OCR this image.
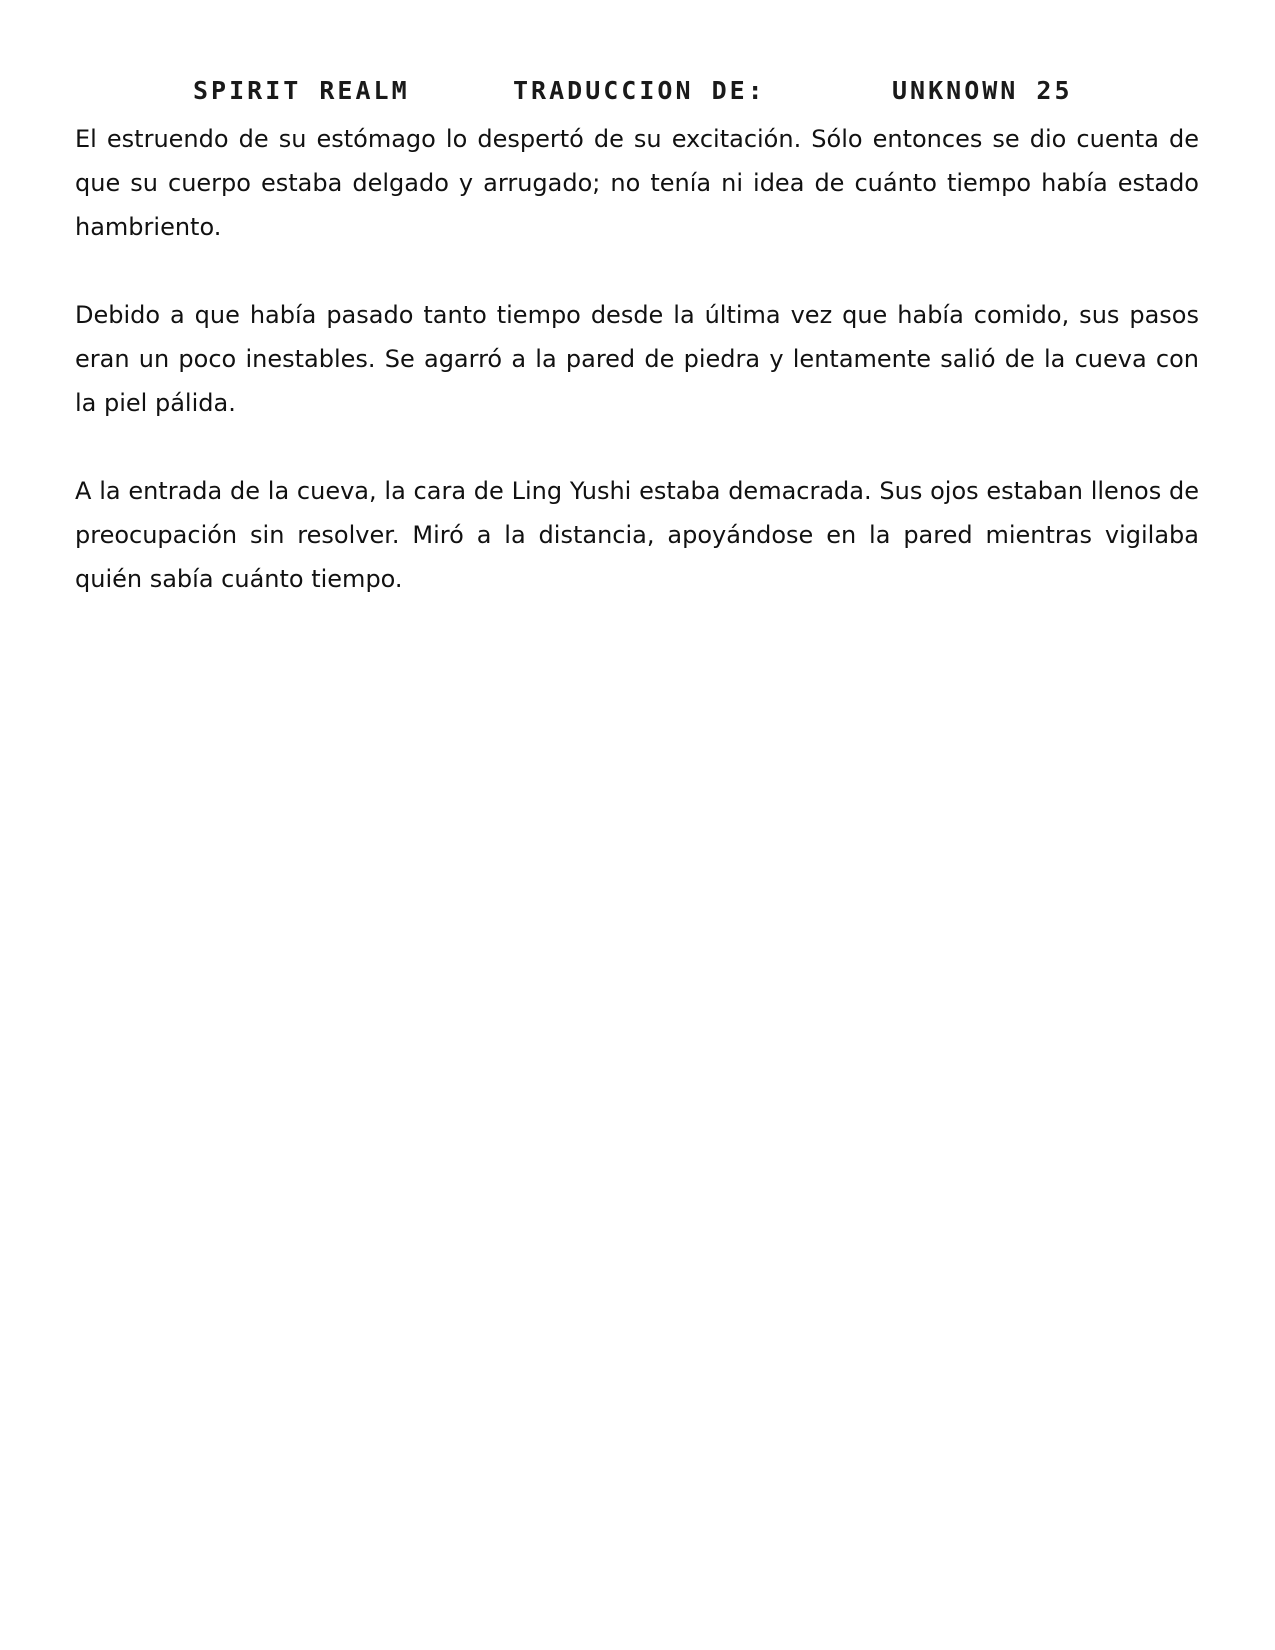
SPIRIT REALM	TRADUCCION DE:	UNKNOWN 25

El estruendo de su estómago lo despertó de su excitación. Sólo entonces se dio cuenta de que su cuerpo estaba delgado y arrugado; no tenía ni idea de cuánto tiempo había estado hambriento.

Debido a que había pasado tanto tiempo desde la última vez que había comido, sus pasos eran un poco inestables. Se agarró a la pared de piedra y lentamente salió de la cueva con la piel pálida.

A la entrada de la cueva, la cara de Ling Yushi estaba demacrada. Sus ojos estaban llenos de preocupación sin resolver. Miró a la distancia, apoyándose en la pared mientras vigilaba quién sabía cuánto tiempo.
